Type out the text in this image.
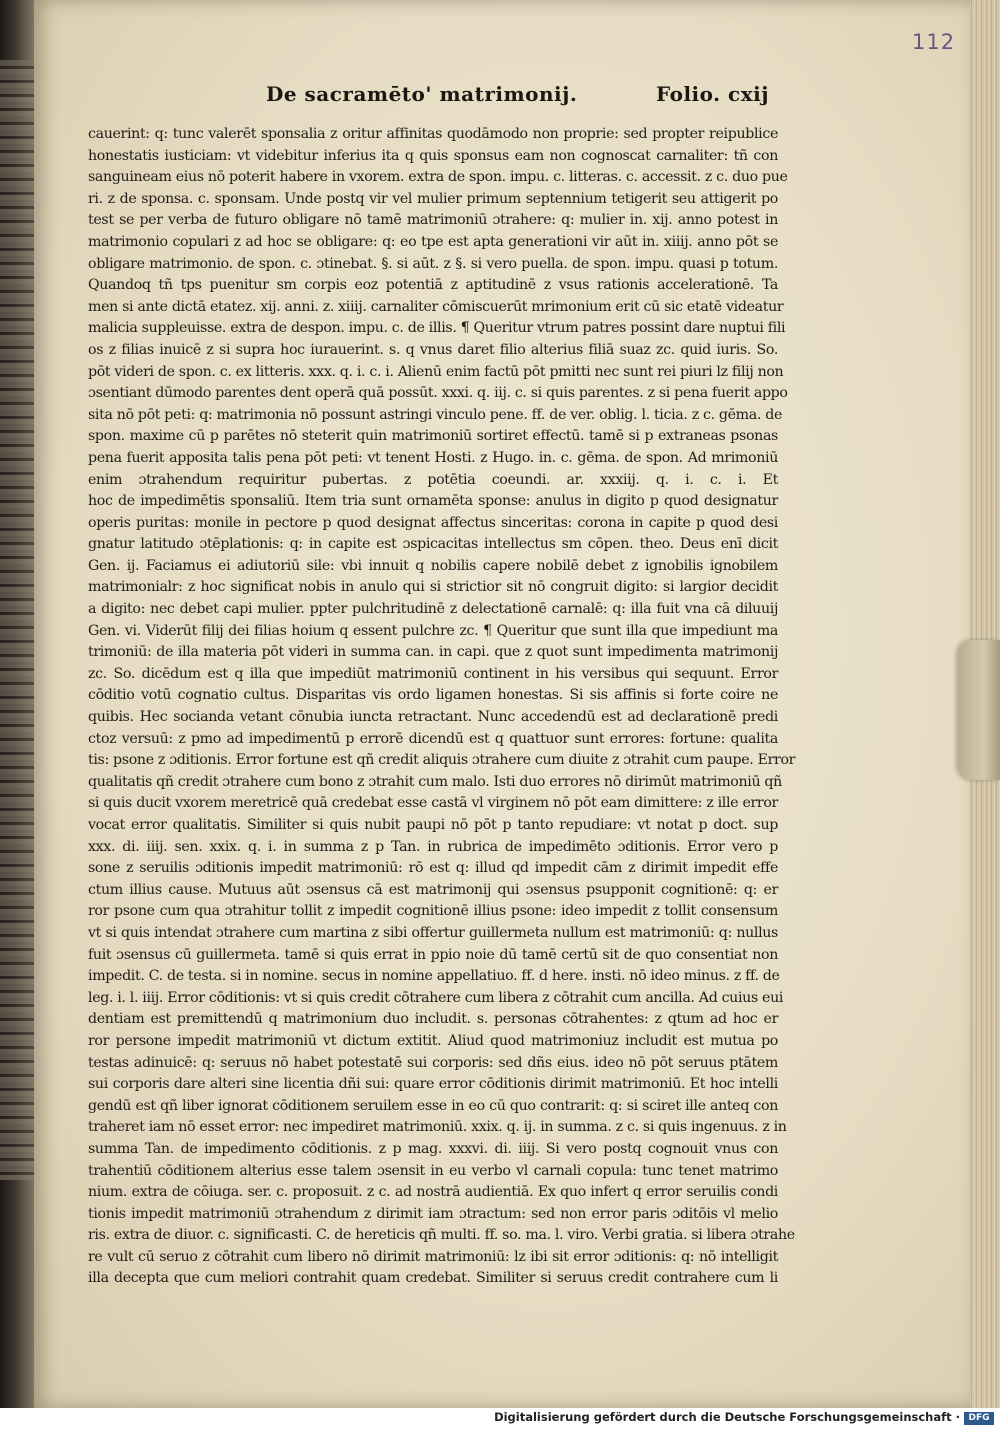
112
De sacramēto' matrimonij.	Folio. cxij
cauerint: q: tunc valerēt sponsalia z oritur affinitas quodāmodo non proprie: sed propter reipublice
honestatis iusticiam: vt videbitur inferius ita q quis sponsus eam non cognoscat carnaliter: tñ con
sanguineam eius nō poterit habere in vxorem. extra de spon. impu. c. litteras. c. accessit. z c. duo pue
ri. z de sponsa. c. sponsam. Unde postq vir vel mulier primum septennium tetigerit seu attigerit po
test se per verba de futuro obligare nō tamē matrimoniū ɔtrahere: q: mulier in. xij. anno potest in
matrimonio copulari z ad hoc se obligare: q: eo tpe est apta generationi vir aūt in. xiiij. anno pōt se
obligare matrimonio. de spon. c. ɔtinebat. §. si aūt. z §. si vero puella. de spon. impu. quasi p totum.
Quandoq tñ tps puenitur sm corpis eoz potentiā z aptitudinē z vsus rationis accelerationē. Ta
men si ante dictā etatez. xij. anni. z. xiiij. carnaliter cōmiscuerūt mrimonium erit cū sic etatē videatur
malicia suppleuisse. extra de despon. impu. c. de illis. ¶ Queritur vtrum patres possint dare nuptui fili
os z filias inuicē z si supra hoc iurauerint. s. q vnus daret filio alterius filiā suaz zc. quid iuris. So.
pōt videri de spon. c. ex litteris. xxx. q. i. c. i. Alienū enim factū pōt pmitti nec sunt rei piuri lz filij non
ɔsentiant dūmodo parentes dent operā quā possūt. xxxi. q. iij. c. si quis parentes. z si pena fuerit appo
sita nō pōt peti: q: matrimonia nō possunt astringi vinculo pene. ff. de ver. oblig. l. ticia. z c. gēma. de
spon. maxime cū p parētes nō steterit quin matrimoniū sortiret effectū. tamē si p extraneas psonas
pena fuerit apposita talis pena pōt peti: vt tenent Hosti. z Hugo. in. c. gēma. de spon. Ad mrimoniū
enim ɔtrahendum requiritur pubertas. z potētia coeundi. ar. xxxiij. q. i. c. i. Et
hoc de impedimētis sponsaliū. Item tria sunt ornamēta sponse: anulus in digito p quod designatur
operis puritas: monile in pectore p quod designat affectus sinceritas: corona in capite p quod desi
gnatur latitudo ɔtēplationis: q: in capite est ɔspicacitas intellectus sm cōpen. theo. Deus enī dicit
Gen. ij. Faciamus ei adiutoriū sile: vbi innuit q nobilis capere nobilē debet z ignobilis ignobilem
matrimonialr: z hoc significat nobis in anulo qui si strictior sit nō congruit digito: si largior decidit
a digito: nec debet capi mulier. ppter pulchritudinē z delectationē carnalē: q: illa fuit vna cā diluuij
Gen. vi. Viderūt filij dei filias hoium q essent pulchre zc. ¶ Queritur que sunt illa que impediunt ma
trimoniū: de illa materia pōt videri in summa can. in capi. que z quot sunt impedimenta matrimonij
zc. So. dicēdum est q illa que impediūt matrimoniū continent in his versibus qui sequunt. Error
cōditio votū cognatio cultus. Disparitas vis ordo ligamen honestas. Si sis affinis si forte coire ne
quibis. Hec socianda vetant cōnubia iuncta retractant. Nunc accedendū est ad declarationē predi
ctoz versuū: z pmo ad impedimentū p errorē dicendū est q quattuor sunt errores: fortune: qualita
tis: psone z ɔditionis. Error fortune est qñ credit aliquis ɔtrahere cum diuite z ɔtrahit cum paupe. Error
qualitatis qñ credit ɔtrahere cum bono z ɔtrahit cum malo. Isti duo errores nō dirimūt matrimoniū qñ
si quis ducit vxorem meretricē quā credebat esse castā vl virginem nō pōt eam dimittere: z ille error
vocat error qualitatis. Similiter si quis nubit paupi nō pōt p tanto repudiare: vt notat p doct. sup
xxx. di. iiij. sen. xxix. q. i. in summa z p Tan. in rubrica de impedimēto ɔditionis. Error vero p
sone z seruilis ɔditionis impedit matrimoniū: rō est q: illud qd impedit cām z dirimit impedit effe
ctum illius cause. Mutuus aūt ɔsensus cā est matrimonij qui ɔsensus psupponit cognitionē: q: er
ror psone cum qua ɔtrahitur tollit z impedit cognitionē illius psone: ideo impedit z tollit consensum
vt si quis intendat ɔtrahere cum martina z sibi offertur guillermeta nullum est matrimoniū: q: nullus
fuit ɔsensus cū guillermeta. tamē si quis errat in ppio noie dū tamē certū sit de quo consentiat non
impedit. C. de testa. si in nomine. secus in nomine appellatiuo. ff. d here. insti. nō ideo minus. z ff. de
leg. i. l. iiij. Error cōditionis: vt si quis credit cōtrahere cum libera z cōtrahit cum ancilla. Ad cuius eui
dentiam est premittendū q matrimonium duo includit. s. personas cōtrahentes: z qtum ad hoc er
ror persone impedit matrimoniū vt dictum extitit. Aliud quod matrimoniuz includit est mutua po
testas adinuicē: q: seruus nō habet potestatē sui corporis: sed dñs eius. ideo nō pōt seruus ptātem
sui corporis dare alteri sine licentia dñi sui: quare error cōditionis dirimit matrimoniū. Et hoc intelli
gendū est qñ liber ignorat cōditionem seruilem esse in eo cū quo contrarit: q: si sciret ille anteq con
traheret iam nō esset error: nec impediret matrimoniū. xxix. q. ij. in summa. z c. si quis ingenuus. z in
summa Tan. de impedimento cōditionis. z p mag. xxxvi. di. iiij. Si vero postq cognouit vnus con
trahentiū cōditionem alterius esse talem ɔsensit in eu verbo vl carnali copula: tunc tenet matrimo
nium. extra de cōiuga. ser. c. proposuit. z c. ad nostrā audientiā. Ex quo infert q error seruilis condi
tionis impedit matrimoniū ɔtrahendum z dirimit iam ɔtractum: sed non error paris ɔditōis vl melio
ris. extra de diuor. c. significasti. C. de hereticis qñ multi. ff. so. ma. l. viro. Verbi gratia. si libera ɔtrahe
re vult cū seruo z cōtrahit cum libero nō dirimit matrimoniū: lz ibi sit error ɔditionis: q: nō intelligit
illa decepta que cum meliori contrahit quam credebat. Similiter si seruus credit contrahere cum li
Digitalisierung gefördert durch die Deutsche Forschungsgemeinschaft · DFG
